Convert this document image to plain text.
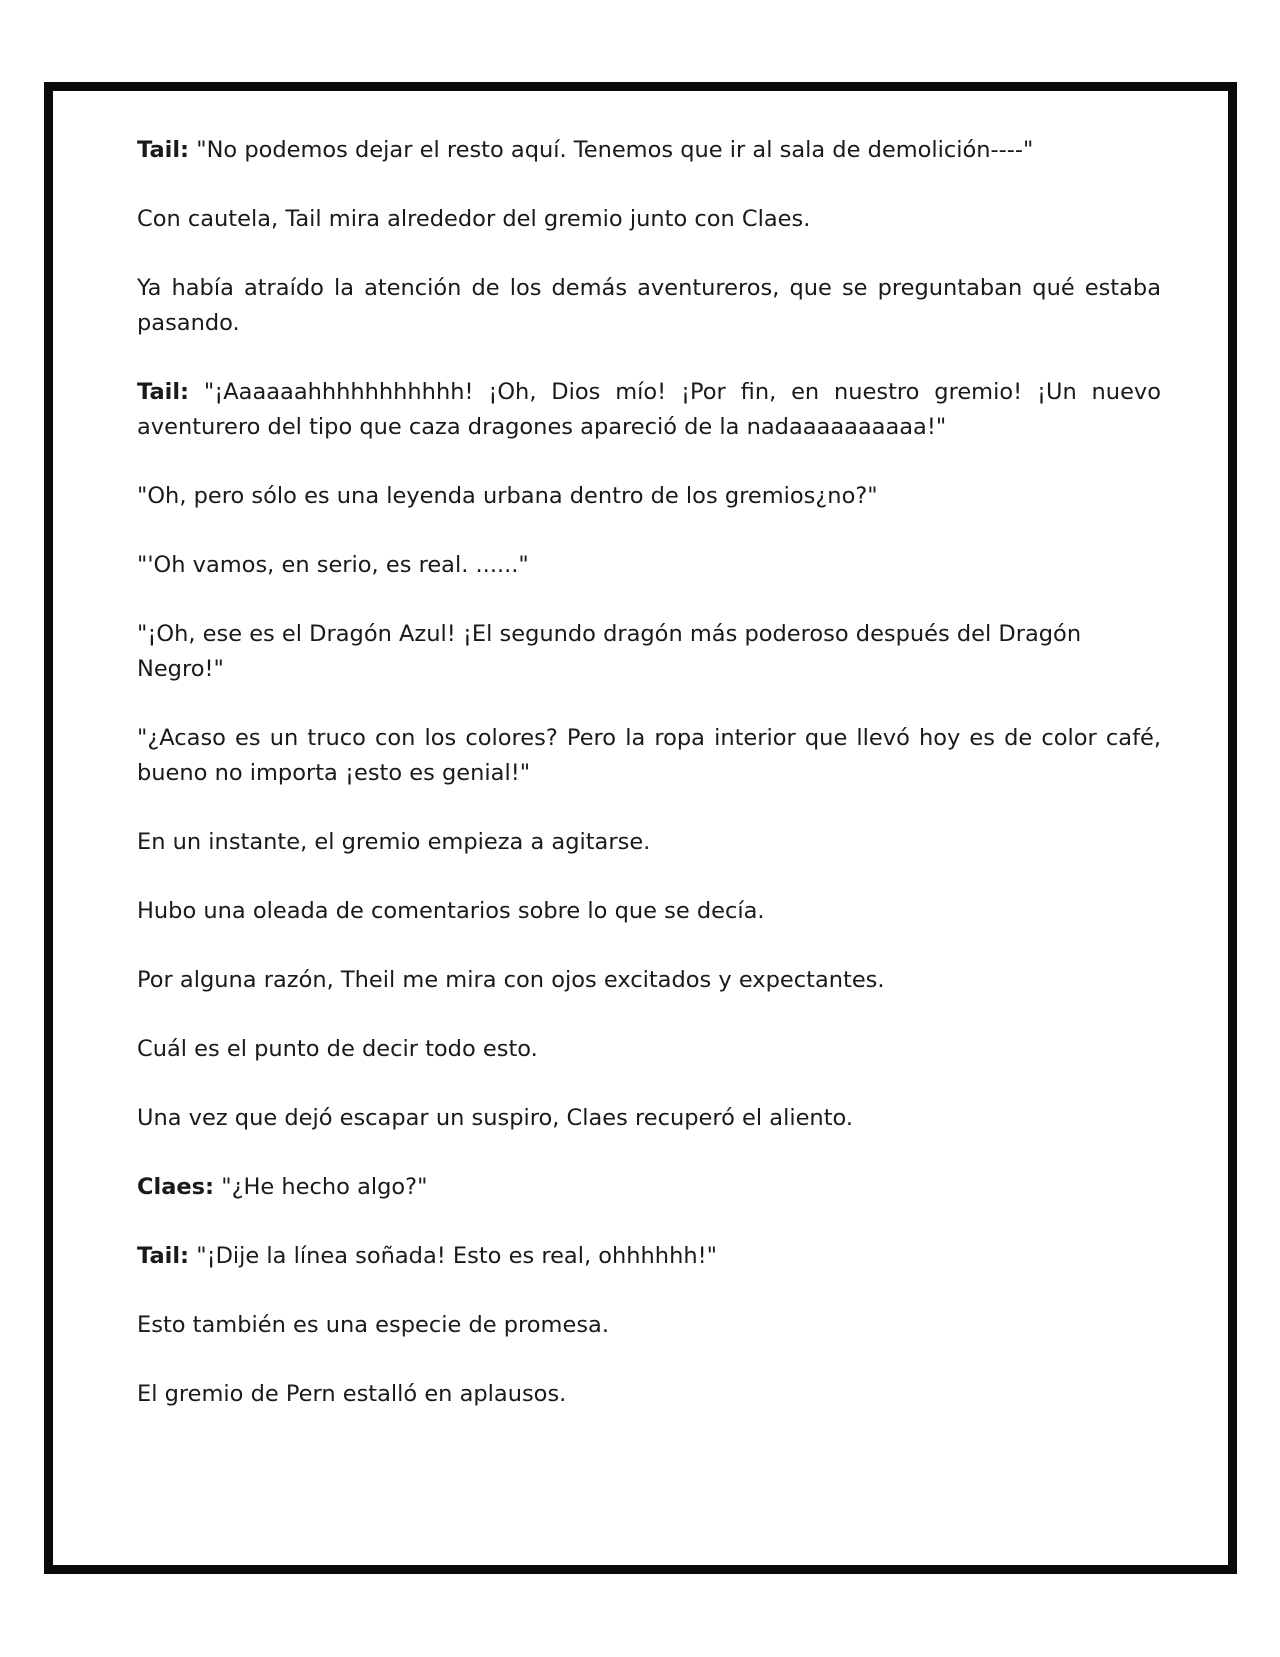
Tail: "No podemos dejar el resto aquí. Tenemos que ir al sala de demolición----"

Con cautela, Tail mira alrededor del gremio junto con Claes.

Ya había atraído la atención de los demás aventureros, que se preguntaban qué estaba pasando.

Tail: "¡Aaaaaahhhhhhhhhhh! ¡Oh, Dios mío! ¡Por fin, en nuestro gremio! ¡Un nuevo aventurero del tipo que caza dragones apareció de la nadaaaaaaaaaa!"

"Oh, pero sólo es una leyenda urbana dentro de los gremios¿no?"

"'Oh vamos, en serio, es real. ......"

"¡Oh, ese es el Dragón Azul! ¡El segundo dragón más poderoso después del Dragón Negro!"

"¿Acaso es un truco con los colores? Pero la ropa interior que llevó hoy es de color café, bueno no importa ¡esto es genial!"

En un instante, el gremio empieza a agitarse.

Hubo una oleada de comentarios sobre lo que se decía.

Por alguna razón, Theil me mira con ojos excitados y expectantes.

Cuál es el punto de decir todo esto.

Una vez que dejó escapar un suspiro, Claes recuperó el aliento.

Claes: "¿He hecho algo?"

Tail: "¡Dije la línea soñada! Esto es real, ohhhhhh!"

Esto también es una especie de promesa.

El gremio de Pern estalló en aplausos.
